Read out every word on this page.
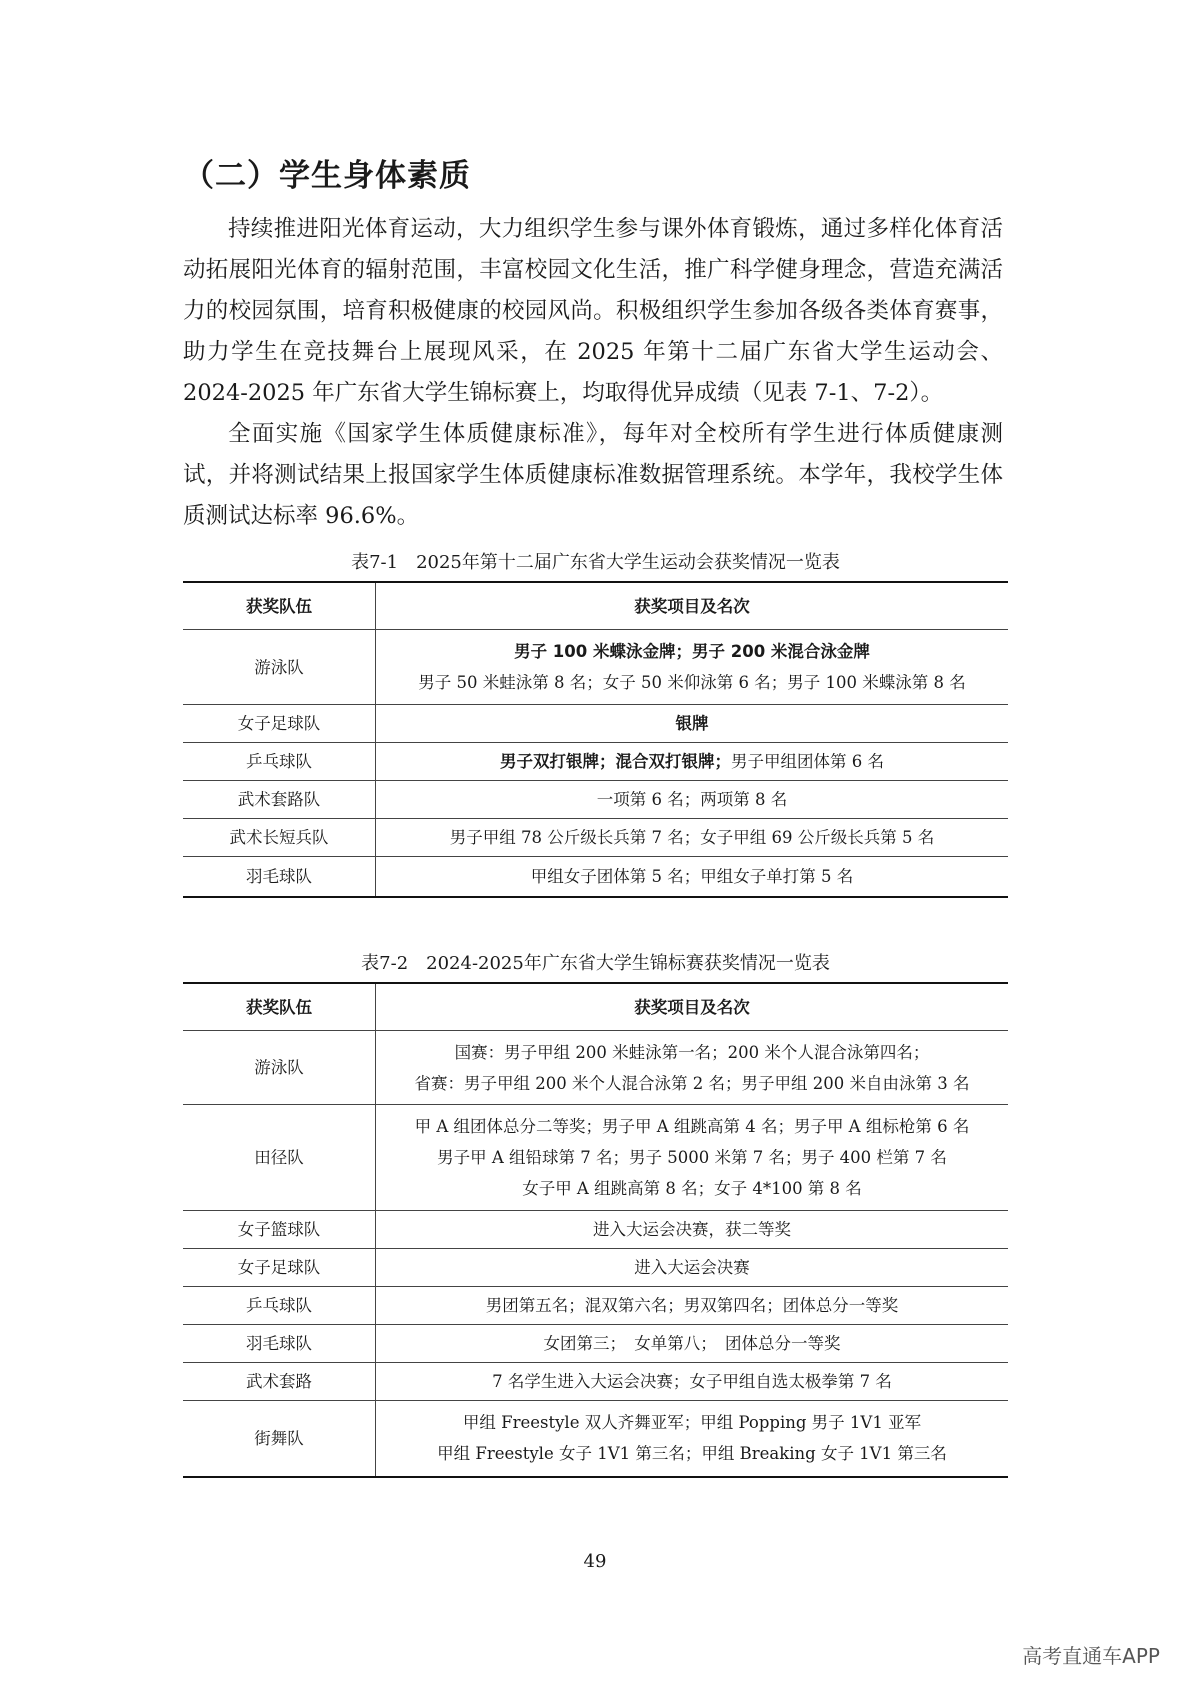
（二）学生身体素质

持续推进阳光体育运动，大力组织学生参与课外体育锻炼，通过多样化体育活动拓展阳光体育的辐射范围，丰富校园文化生活，推广科学健身理念，营造充满活力的校园氛围，培育积极健康的校园风尚。积极组织学生参加各级各类体育赛事，助力学生在竞技舞台上展现风采，在 2025 年第十二届广东省大学生运动会、2024-2025 年广东省大学生锦标赛上，均取得优异成绩（见表 7-1、7-2）。

全面实施《国家学生体质健康标准》，每年对全校所有学生进行体质健康测试，并将测试结果上报国家学生体质健康标准数据管理系统。本学年，我校学生体质测试达标率 96.6%。

表7-1　2025年第十二届广东省大学生运动会获奖情况一览表

获奖队伍	获奖项目及名次
游泳队	男子 100 米蝶泳金牌；男子 200 米混合泳金牌
男子 50 米蛙泳第 8 名；女子 50 米仰泳第 6 名；男子 100 米蝶泳第 8 名

女子足球队	银牌
乒乓球队	男子双打银牌；混合双打银牌；男子甲组团体第 6 名
武术套路队	一项第 6 名；两项第 8 名
武术长短兵队	男子甲组 78 公斤级长兵第 7 名；女子甲组 69 公斤级长兵第 5 名
羽毛球队	甲组女子团体第 5 名；甲组女子单打第 5 名

表7-2　2024-2025年广东省大学生锦标赛获奖情况一览表

获奖队伍	获奖项目及名次
游泳队	国赛：男子甲组 200 米蛙泳第一名；200 米个人混合泳第四名；
省赛：男子甲组 200 米个人混合泳第 2 名；男子甲组 200 米自由泳第 3 名

田径队	甲 A 组团体总分二等奖；男子甲 A 组跳高第 4 名；男子甲 A 组标枪第 6 名
男子甲 A 组铅球第 7 名；男子 5000 米第 7 名；男子 400 栏第 7 名
女子甲 A 组跳高第 8 名；女子 4*100 第 8 名

女子篮球队	进入大运会决赛，获二等奖
女子足球队	进入大运会决赛
乒乓球队	男团第五名；混双第六名；男双第四名；团体总分一等奖
羽毛球队	女团第三；　女单第八；　团体总分一等奖
武术套路	7 名学生进入大运会决赛；女子甲组自选太极拳第 7 名
街舞队	甲组 Freestyle 双人齐舞亚军；甲组 Popping 男子 1V1 亚军
甲组 Freestyle 女子 1V1 第三名；甲组 Breaking 女子 1V1 第三名

49

高考直通车APP
